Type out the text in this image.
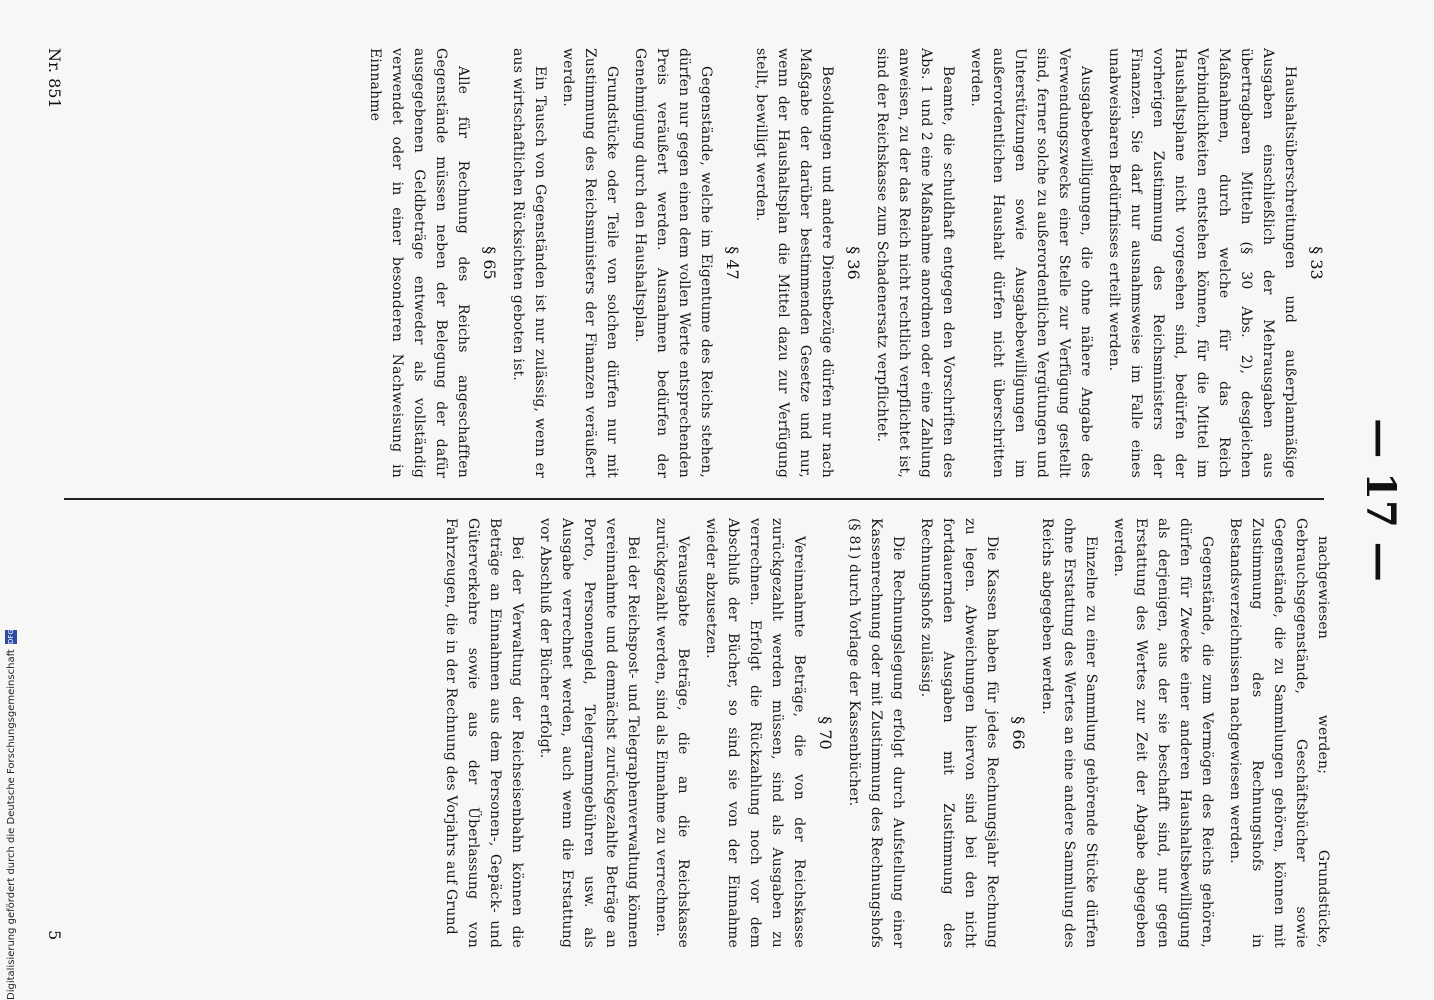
— 17 —
§ 33
Haushaltsüberschreitungen und außerplanmäßige Ausgaben einschließlich der Mehrausgaben aus übertragbaren Mitteln (§ 30 Abs. 2), desgleichen Maßnahmen, durch welche für das Reich Verbindlichkeiten entstehen können, für die Mittel im Haushaltsplane nicht vorgesehen sind, bedürfen der vorherigen Zustimmung des Reichsministers der Finanzen. Sie darf nur ausnahmsweise im Falle eines unabweisbaren Bedürfnisses erteilt werden.
Ausgabebewilligungen, die ohne nähere Angabe des Verwendungszwecks einer Stelle zur Verfügung gestellt sind, ferner solche zu außerordentlichen Vergütungen und Unterstützungen sowie Ausgabebewilligungen im außerordentlichen Haushalt dürfen nicht überschritten werden.
Beamte, die schuldhaft entgegen den Vorschriften des Abs. 1 und 2 eine Maßnahme anordnen oder eine Zahlung anweisen, zu der das Reich nicht rechtlich verpflichtet ist, sind der Reichskasse zum Schadenersatz verpflichtet.
§ 36
Besoldungen und andere Dienstbezüge dürfen nur nach Maßgabe der darüber bestimmenden Gesetze und nur, wenn der Haushaltsplan die Mittel dazu zur Verfügung stellt, bewilligt werden.
§ 47
Gegenstände, welche im Eigentume des Reichs stehen, dürfen nur gegen einen dem vollen Werte entsprechenden Preis veräußert werden. Ausnahmen bedürfen der Genehmigung durch den Haushaltsplan.
Grundstücke oder Teile von solchen dürfen nur mit Zustimmung des Reichsministers der Finanzen veräußert werden.
Ein Tausch von Gegenständen ist nur zulässig, wenn er aus wirtschaftlichen Rücksichten geboten ist.
§ 65
Alle für Rechnung des Reichs angeschafften Gegenstände müssen neben der Belegung der dafür ausgegebenen Geldbeträge entweder als vollständig verwendet oder in einer besonderen Nachweisung in Einnahme
nachgewiesen werden; Grundstücke, Gebrauchsgegenstände, Geschäftsbücher sowie Gegenstände, die zu Sammlungen gehören, können mit Zustimmung des Rechnungshofs in Bestandsverzeichnissen nachgewiesen werden.
Gegenstände, die zum Vermögen des Reichs gehören, dürfen für Zwecke einer anderen Haushaltsbewilligung als derjenigen, aus der sie beschafft sind, nur gegen Erstattung des Wertes zur Zeit der Abgabe abgegeben werden.
Einzelne zu einer Sammlung gehörende Stücke dürfen ohne Erstattung des Wertes an eine andere Sammlung des Reichs abgegeben werden.
§ 66
Die Kassen haben für jedes Rechnungsjahr Rechnung zu legen. Abweichungen hiervon sind bei den nicht fortdauernden Ausgaben mit Zustimmung des Rechnungshofs zulässig.
Die Rechnungslegung erfolgt durch Aufstellung einer Kassenrechnung oder mit Zustimmung des Rechnungshofs (§ 81) durch Vorlage der Kassenbücher.
§ 70
Vereinnahmte Beträge, die von der Reichskasse zurückgezahlt werden müssen, sind als Ausgaben zu verrechnen. Erfolgt die Rückzahlung noch vor dem Abschluß der Bücher, so sind sie von der Einnahme wieder abzusetzen.
Verausgabte Beträge, die an die Reichskasse zurückgezahlt werden, sind als Einnahme zu verrechnen.
Bei der Reichspost- und Telegraphenverwaltung können vereinnahmte und demnächst zurückgezahlte Beträge an Porto, Personengeld, Telegrammgebühren usw. als Ausgabe verrechnet werden, auch wenn die Erstattung vor Abschluß der Bücher erfolgt.
Bei der Verwaltung der Reichseisenbahn können die Beträge an Einnahmen aus dem Personen-, Gepäck- und Güterverkehre sowie aus der Überlassung von Fahrzeugen, die in der Rechnung des Vorjahrs auf Grund
Nr. 851
5
Digitalisierung gefördert durch die Deutsche Forschungsgemeinschaft DFG
